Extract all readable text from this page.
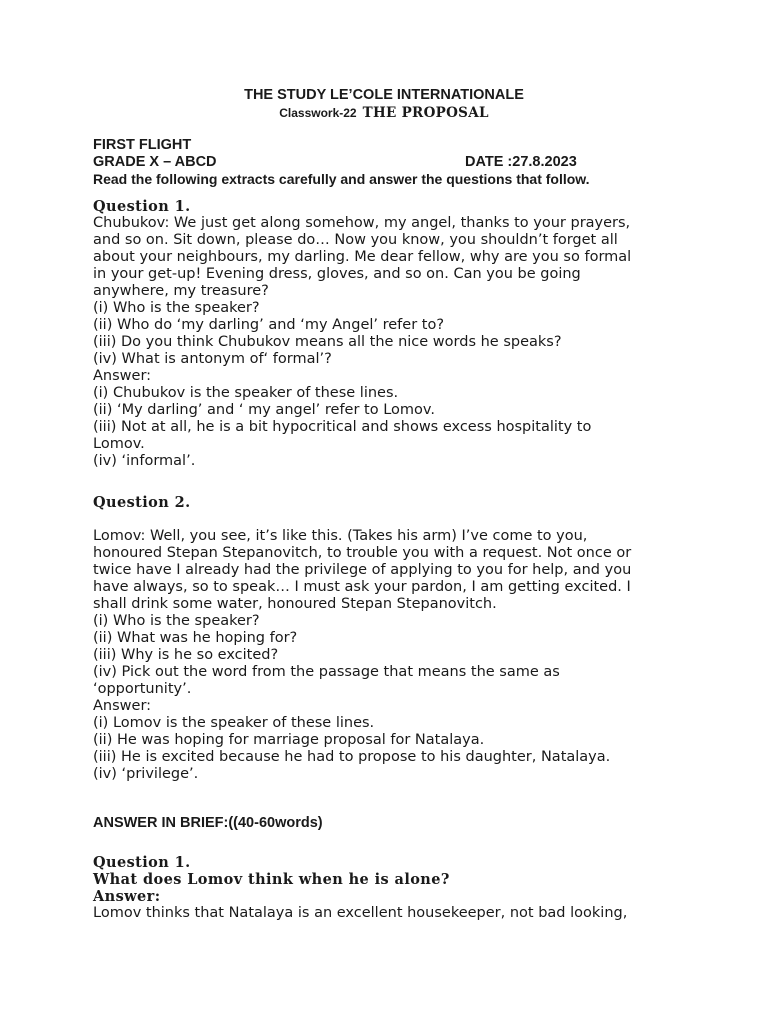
THE STUDY LE’COLE INTERNATIONALE
Classwork-22 THE PROPOSAL
FIRST FLIGHT
GRADE X – ABCD	DATE :27.8.2023
Read the following extracts carefully and answer the questions that follow.
Question 1.
Chubukov: We just get along somehow, my angel, thanks to your prayers,
and so on. Sit down, please do… Now you know, you shouldn’t forget all
about your neighbours, my darling. Me dear fellow, why are you so formal
in your get-up! Evening dress, gloves, and so on. Can you be going
anywhere, my treasure?
(i) Who is the speaker?
(ii) Who do ‘my darling’ and ‘my Angel’ refer to?
(iii) Do you think Chubukov means all the nice words he speaks?
(iv) What is antonym of‘ formal’?
Answer:
(i) Chubukov is the speaker of these lines.
(ii) ‘My darling’ and ‘ my angel’ refer to Lomov.
(iii) Not at all, he is a bit hypocritical and shows excess hospitality to
Lomov.
(iv) ‘informal’.
Question 2.
Lomov: Well, you see, it’s like this. (Takes his arm) I’ve come to you,
honoured Stepan Stepanovitch, to trouble you with a request. Not once or
twice have I already had the privilege of applying to you for help, and you
have always, so to speak… I must ask your pardon, I am getting excited. I
shall drink some water, honoured Stepan Stepanovitch.
(i) Who is the speaker?
(ii) What was he hoping for?
(iii) Why is he so excited?
(iv) Pick out the word from the passage that means the same as
‘opportunity’.
Answer:
(i) Lomov is the speaker of these lines.
(ii) He was hoping for marriage proposal for Natalaya.
(iii) He is excited because he had to propose to his daughter, Natalaya.
(iv) ‘privilege’.
ANSWER IN BRIEF:((40-60words)
Question 1.
What does Lomov think when he is alone?
Answer:
Lomov thinks that Natalaya is an excellent housekeeper, not bad looking,
